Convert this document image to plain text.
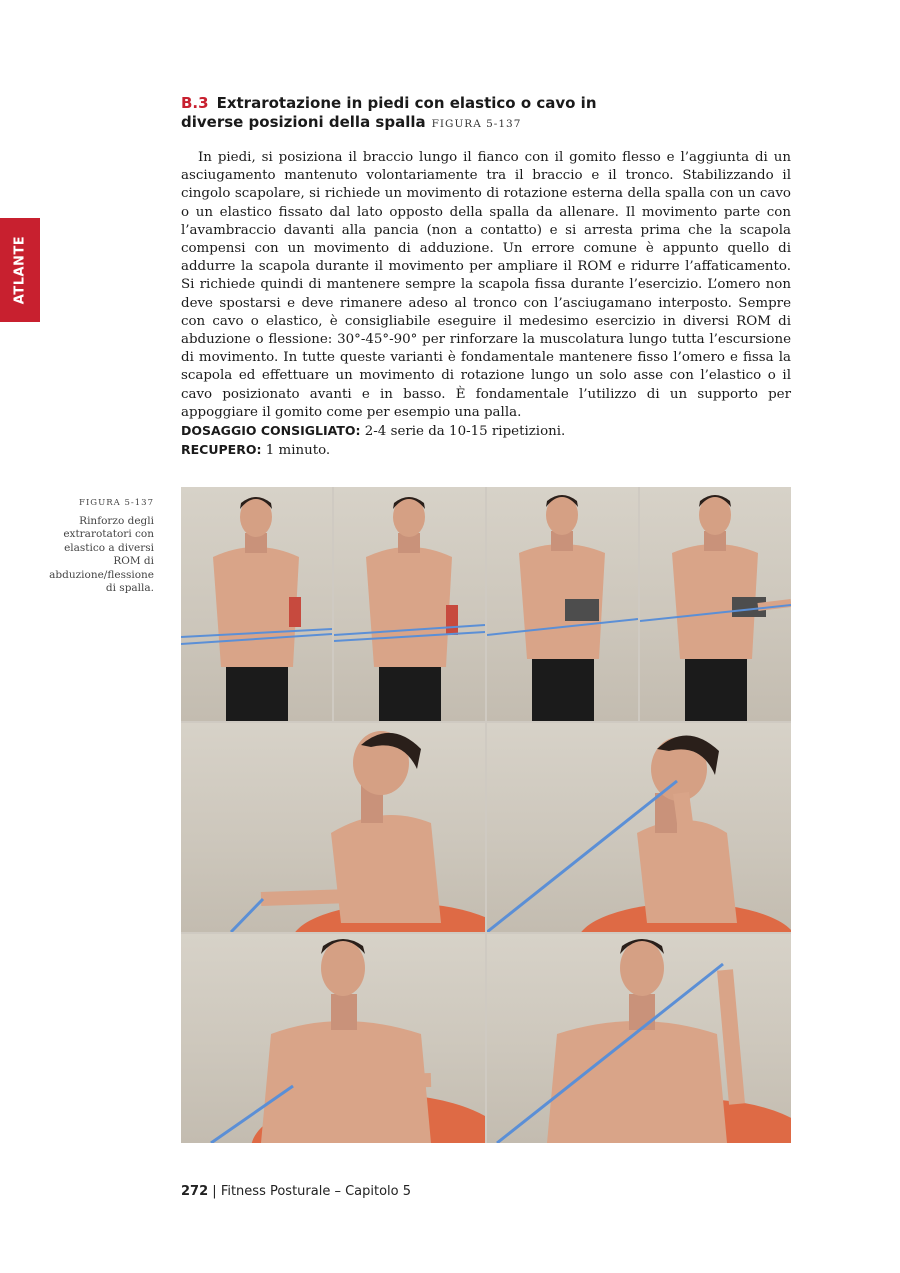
ATLANTE
B.3 Extrarotazione in piedi con elastico o cavo in
diverse posizioni della spalla FIGURA 5-137

In piedi, si posiziona il braccio lungo il fianco con il gomito flesso e l’aggiunta di un asciugamento mantenuto volontariamente tra il braccio e il tronco. Stabilizzando il cingolo scapolare, si richiede un movimento di rotazione esterna della spalla con un cavo o un elastico fissato dal lato opposto della spalla da allenare. Il movimento parte con l’avambraccio davanti alla pancia (non a contatto) e si arresta prima che la scapola compensi con un movimento di adduzione. Un errore comune è appunto quello di addurre la scapola durante il movimento per ampliare il ROM e ridurre l’affaticamento. Si richiede quindi di mantenere sempre la scapola fissa durante l’esercizio. L’omero non deve spostarsi e deve rimanere adeso al tronco con l’asciugamano interposto. Sempre con cavo o elastico, è consigliabile eseguire il medesimo esercizio in diversi ROM di abduzione o flessione: 30°-45°-90° per rinforzare la muscolatura lungo tutta l’escursione di movimento. In tutte queste varianti è fondamentale mantenere fisso l’omero e fissa la scapola ed effettuare un movimento di rotazione lungo un solo asse con l’elastico o il cavo posizionato avanti e in basso. È fondamentale l’utilizzo di un supporto per appoggiare il gomito come per esempio una palla.

DOSAGGIO CONSIGLIATO: 2-4 serie da 10-15 ripetizioni.
RECUPERO: 1 minuto.
FIGURA 5-137
Rinforzo degli extrarotatori con elastico a diversi ROM di abduzione/flessione di spalla.
272 | Fitness Posturale – Capitolo 5
